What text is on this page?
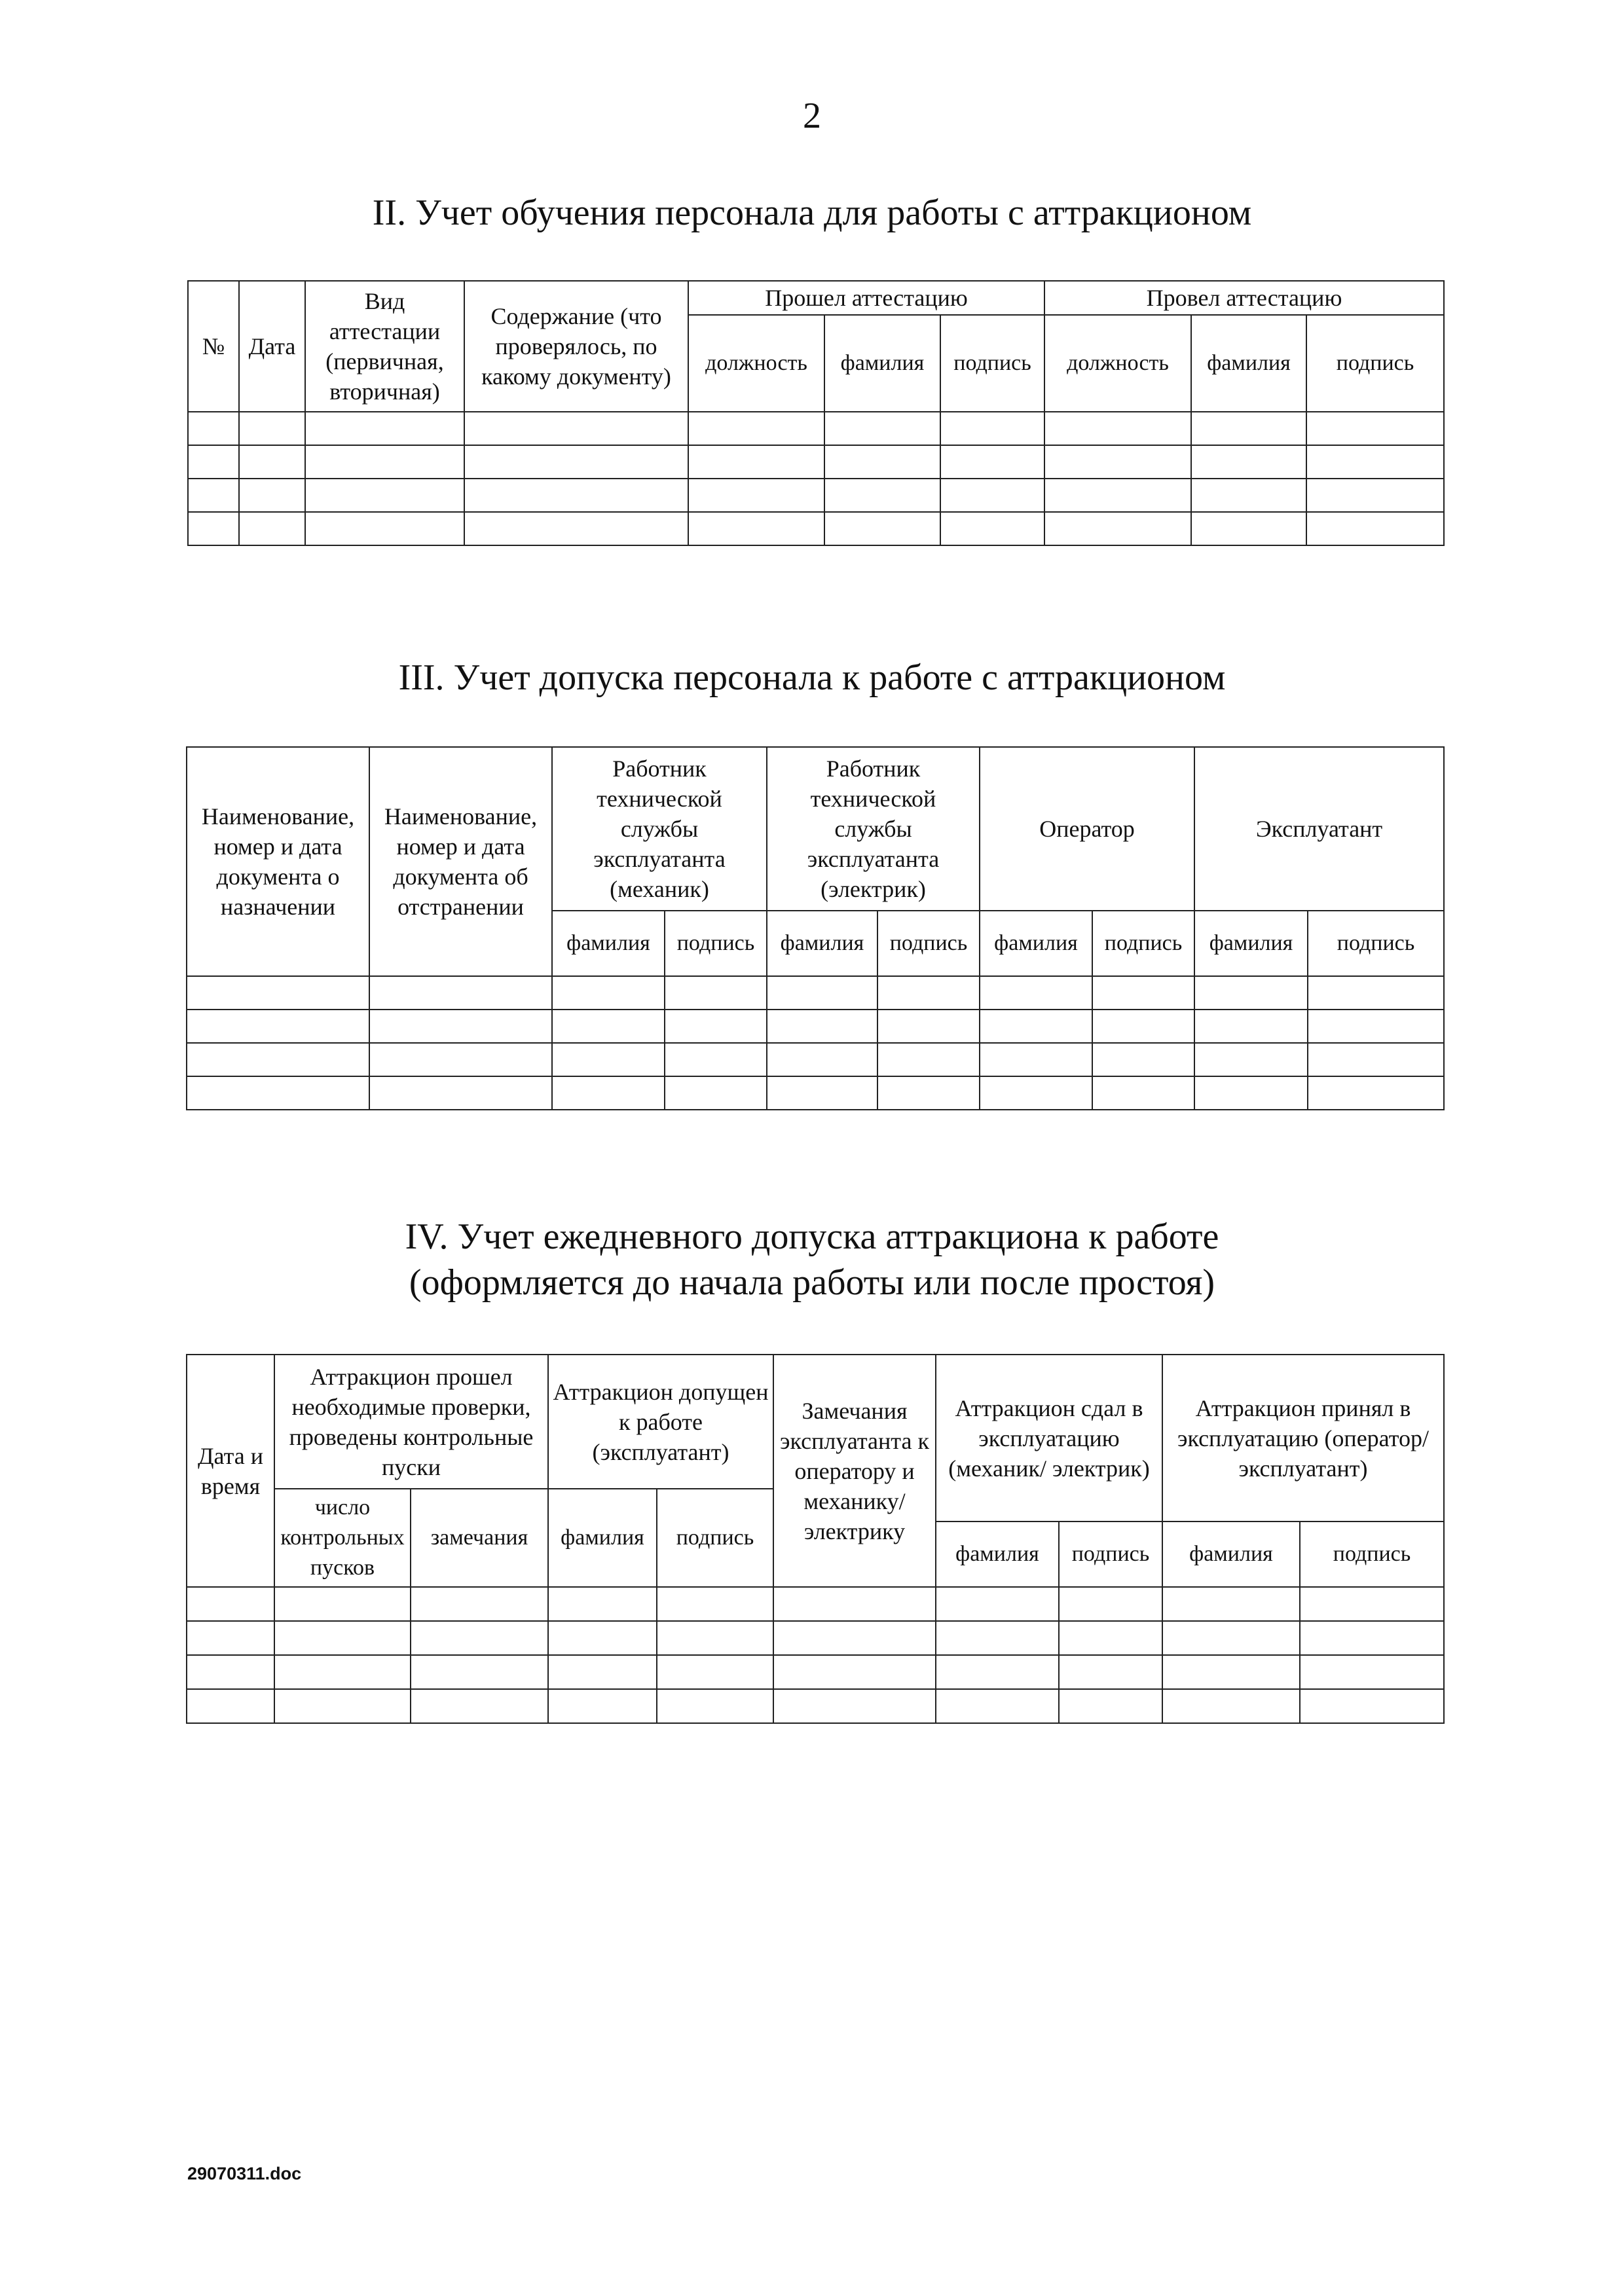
2
II. Учет обучения персонала для работы с аттракционом
№	Дата	Вид аттестации (первичная, вторичная)	Содержание (что проверялось, по какому документу)	Прошел аттестацию			Провел аттестацию		
				должность	фамилия	подпись	должность	фамилия	подпись

III. Учет допуска персонала к работе с аттракционом
Наименование, номер и дата документа о назначении	Наименование, номер и дата документа об отстранении	Работник технической службы эксплуатанта (механик)		Работник технической службы эксплуатанта (электрик)		Оператор		Эксплуатант	
		фамилия	подпись	фамилия	подпись	фамилия	подпись	фамилия	подпись

IV. Учет ежедневного допуска аттракциона к работе
(оформляется до начала работы или после простоя)
Дата и время	Аттракцион прошел необходимые проверки, проведены контрольные пуски		Аттракцион допущен к работе (эксплуатант)		Замечания эксплуатанта к оператору и механику/ электрику	Аттракцион сдал в эксплуатацию (механик/ электрик)		Аттракцион принял в эксплуатацию (оператор/ эксплуатант)	
	число контрольных пусков	замечания	фамилия	подпись					
						фамилия	подпись	фамилия	подпись

29070311.doc
